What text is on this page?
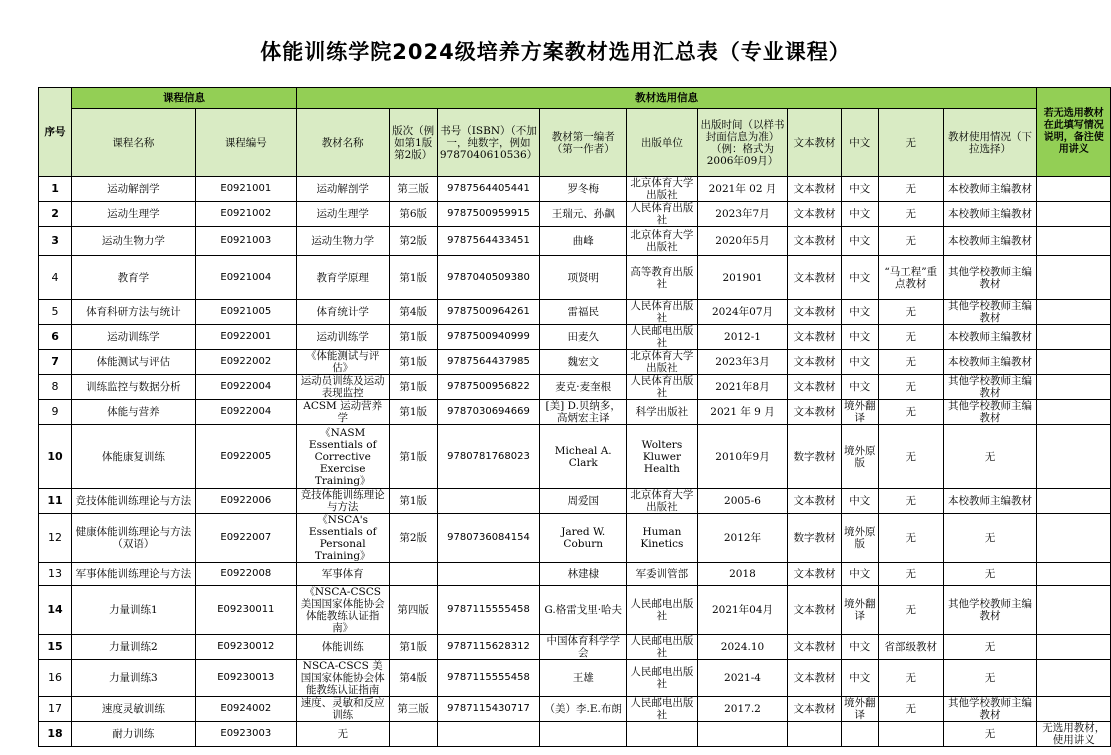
体能训练学院2024级培养方案教材选用汇总表（专业课程）
序号	课程信息		教材选用信息										若无选用教材在此填写情况说明，备注使用讲义
	课程名称	课程编号	教材名称	版次（例如第1版 第2版）	书号（ISBN）（不加一，纯数字，例如9787040610536）	教材第一编者（第一作者）	出版单位	出版时间（以样书封面信息为准）（例：格式为2006年09月）	文本教材	中文	无	教材使用情况（下拉选择）	
1	运动解剖学	E0921001	运动解剖学	第三版	9787564405441	罗冬梅	北京体育大学出版社	2021年 02 月	文本教材	中文	无	本校教师主编教材	
2	运动生理学	E0921002	运动生理学	第6版	9787500959915	王瑞元、孙飙	人民体育出版社	2023年7月	文本教材	中文	无	本校教师主编教材	
3	运动生物力学	E0921003	运动生物力学	第2版	9787564433451	曲峰	北京体育大学出版社	2020年5月	文本教材	中文	无	本校教师主编教材	
4	教育学	E0921004	教育学原理	第1版	9787040509380	项贤明	高等教育出版社	201901	文本教材	中文	“马工程”重点教材	其他学校教师主编教材	
5	体育科研方法与统计	E0921005	体育统计学	第4版	9787500964261	雷福民	人民体育出版社	2024年07月	文本教材	中文	无	其他学校教师主编教材	
6	运动训练学	E0922001	运动训练学	第1版	9787500940999	田麦久	人民邮电出版社	2012-1	文本教材	中文	无	本校教师主编教材	
7	体能测试与评估	E0922002	《体能测试与评估》	第1版	9787564437985	魏宏文	北京体育大学出版社	2023年3月	文本教材	中文	无	本校教师主编教材	
8	训练监控与数据分析	E0922004	运动员训练及运动表现监控	第1版	9787500956822	麦克·麦奎根	人民体育出版社	2021年8月	文本教材	中文	无	其他学校教师主编教材	
9	体能与营养	E0922004	ACSM 运动营养学	第1版	9787030694669	[美] D.贝纳多，高炳宏主译	科学出版社	2021 年 9 月	文本教材	境外翻译	无	其他学校教师主编教材	
10	体能康复训练	E0922005	《NASM Essentials of Corrective Exercise Training》	第1版	9780781768023	Micheal A. Clark	Wolters Kluwer Health	2010年9月	数字教材	境外原版	无	无	
11	竞技体能训练理论与方法	E0922006	竞技体能训练理论与方法	第1版		周爱国	北京体育大学出版社	2005-6	文本教材	中文	无	本校教师主编教材	
12	健康体能训练理论与方法（双语）	E0922007	《NSCA's Essentials of Personal Training》	第2版	9780736084154	Jared W. Coburn	Human Kinetics	2012年	数字教材	境外原版	无	无	
13	军事体能训练理论与方法	E0922008	军事体育			林建棣	军委训管部	2018	文本教材	中文	无	无	
14	力量训练1	E09230011	《NSCA-CSCS 美国国家体能协会体能教练认证指南》	第四版	9787115555458	G.格雷戈里·哈夫	人民邮电出版社	2021年04月	文本教材	境外翻译	无	其他学校教师主编教材	
15	力量训练2	E09230012	体能训练	第1版	9787115628312	中国体育科学学会	人民邮电出版社	2024.10	文本教材	中文	省部级教材	无	
16	力量训练3	E09230013	NSCA-CSCS 美国国家体能协会体能教练认证指南	第4版	9787115555458	王雄	人民邮电出版社	2021-4	文本教材	中文	无	无	
17	速度灵敏训练	E0924002	速度、灵敏和反应训练	第三版	9787115430717	（美）李.E.布朗	人民邮电出版社	2017.2	文本教材	境外翻译	无	其他学校教师主编教材	
18	耐力训练	E0923003	无									无	无选用教材，使用讲义
